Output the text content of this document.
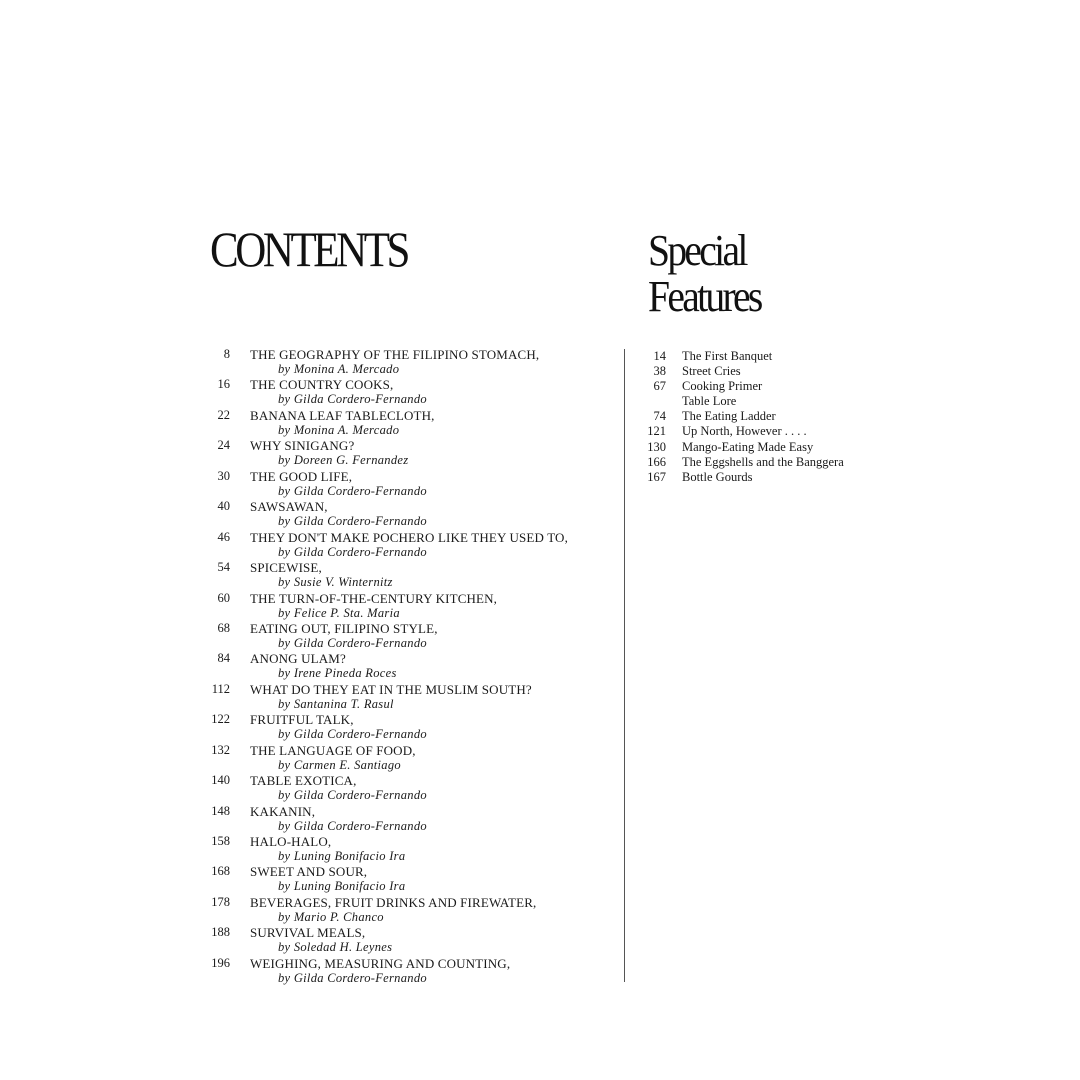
CONTENTS	Special
Features
8 THE GEOGRAPHY OF THE FILIPINO STOMACH,
by Monina A. Mercado
16 THE COUNTRY COOKS,
by Gilda Cordero-Fernando
22 BANANA LEAF TABLECLOTH,
by Monina A. Mercado
24 WHY SINIGANG?
by Doreen G. Fernandez
30 THE GOOD LIFE,
by Gilda Cordero-Fernando
40 SAWSAWAN,
by Gilda Cordero-Fernando
46 THEY DON'T MAKE POCHERO LIKE THEY USED TO,
by Gilda Cordero-Fernando
54 SPICEWISE,
by Susie V. Winternitz
60 THE TURN-OF-THE-CENTURY KITCHEN,
by Felice P. Sta. Maria
68 EATING OUT, FILIPINO STYLE,
by Gilda Cordero-Fernando
84 ANONG ULAM?
by Irene Pineda Roces
112 WHAT DO THEY EAT IN THE MUSLIM SOUTH?
by Santanina T. Rasul
122 FRUITFUL TALK,
by Gilda Cordero-Fernando
132 THE LANGUAGE OF FOOD,
by Carmen E. Santiago
140 TABLE EXOTICA,
by Gilda Cordero-Fernando
148 KAKANIN,
by Gilda Cordero-Fernando
158 HALO-HALO,
by Luning Bonifacio Ira
168 SWEET AND SOUR,
by Luning Bonifacio Ira
178 BEVERAGES, FRUIT DRINKS AND FIREWATER,
by Mario P. Chanco
188 SURVIVAL MEALS,
by Soledad H. Leynes
196 WEIGHING, MEASURING AND COUNTING,
by Gilda Cordero-Fernando
14 The First Banquet
38 Street Cries
67 Cooking Primer
Table Lore
74 The Eating Ladder
121 Up North, However . . . .
130 Mango-Eating Made Easy
166 The Eggshells and the Banggera
167 Bottle Gourds
